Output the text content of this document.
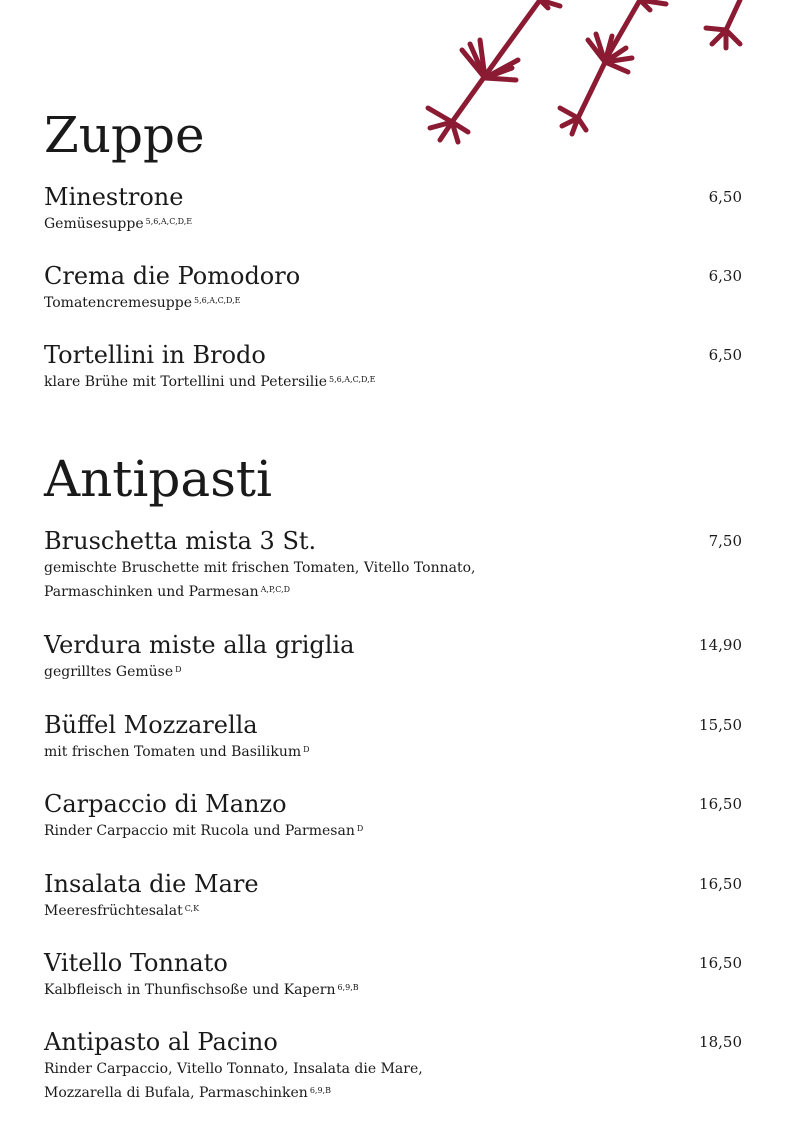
Zuppe
Minestrone
Gemüsesuppe $^{5,6,A,C,D,E}$
6,50
Crema die Pomodoro
Tomatencremesuppe $^{5,6,A,C,D,E}$
6,30
Tortellini in Brodo
klare Brühe mit Tortellini und Petersilie $^{5,6,A,C,D,E}$
6,50
Antipasti
Bruschetta mista 3 St.
gemischte Bruschette mit frischen Tomaten, Vitello Tonnato,
Parmaschinken und Parmesan $^{A,P,C,D}$
7,50
Verdura miste alla griglia
gegrilltes Gemüse $^D$
14,90
Büffel Mozzarella
mit frischen Tomaten und Basilikum $^D$
15,50
Carpaccio di Manzo
Rinder Carpaccio mit Rucola und Parmesan $^D$
16,50
Insalata die Mare
Meeresfrüchtesalat $^{C,K}$
16,50
Vitello Tonnato
Kalbfleisch in Thunfischsoße und Kapern $^{6,9,B}$
16,50
Antipasto al Pacino
Rinder Carpaccio, Vitello Tonnato, Insalata die Mare,
Mozzarella di Bufala, Parmaschinken $^{6,9,B}$
18,50
